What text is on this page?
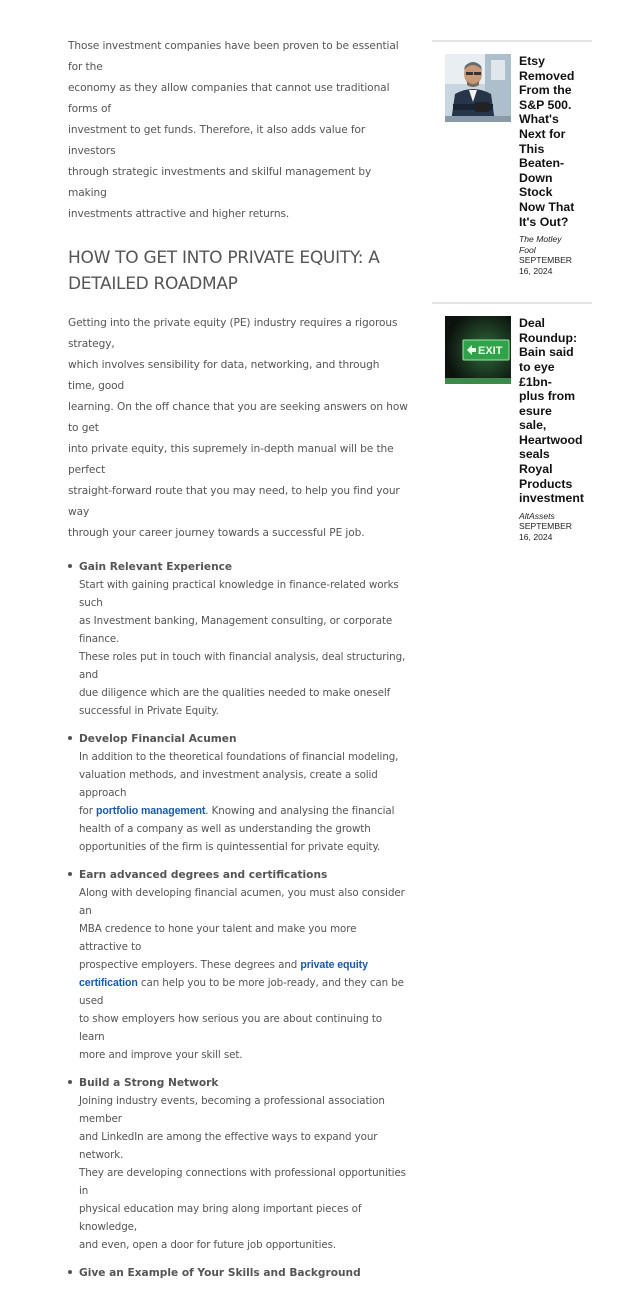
Those investment companies have been proven to be essential for the
economy as they allow companies that cannot use traditional forms of
investment to get funds. Therefore, it also adds value for investors
through strategic investments and skilful management by making
investments attractive and higher returns.

HOW TO GET INTO PRIVATE EQUITY: A
DETAILED ROADMAP

Getting into the private equity (PE) industry requires a rigorous strategy,
which involves sensibility for data, networking, and through time, good
learning. On the off chance that you are seeking answers on how to get
into private equity, this supremely in-depth manual will be the perfect
straight-forward route that you may need, to help you find your way
through your career journey towards a successful PE job.

Gain Relevant Experience
Start with gaining practical knowledge in finance-related works such
as Investment banking, Management consulting, or corporate finance.
These roles put in touch with financial analysis, deal structuring, and
due diligence which are the qualities needed to make oneself
successful in Private Equity.
Develop Financial Acumen
In addition to the theoretical foundations of financial modeling,
valuation methods, and investment analysis, create a solid approach
for portfolio management. Knowing and analysing the financial
health of a company as well as understanding the growth
opportunities of the firm is quintessential for private equity.
Earn advanced degrees and certifications
Along with developing financial acumen, you must also consider an
MBA credence to hone your talent and make you more attractive to
prospective employers. These degrees and private equity
certification can help you to be more job-ready, and they can be used
to show employers how serious you are about continuing to learn
more and improve your skill set.
Build a Strong Network
Joining industry events, becoming a professional association member
and LinkedIn are among the effective ways to expand your network.
They are developing connections with professional opportunities in
physical education may bring along important pieces of knowledge,
and even, open a door for future job opportunities.
Give an Example of Your Skills and Background
Etsy
Removed
From the
S&P 500.
What's
Next for
This
Beaten-
Down
Stock
Now That
It's Out?
The Motley
Fool
SEPTEMBER
16, 2024
EXIT
Deal
Roundup:
Bain said
to eye
£1bn-
plus from
esure
sale,
Heartwood
seals
Royal
Products
investment
AltAssets
SEPTEMBER
16, 2024
